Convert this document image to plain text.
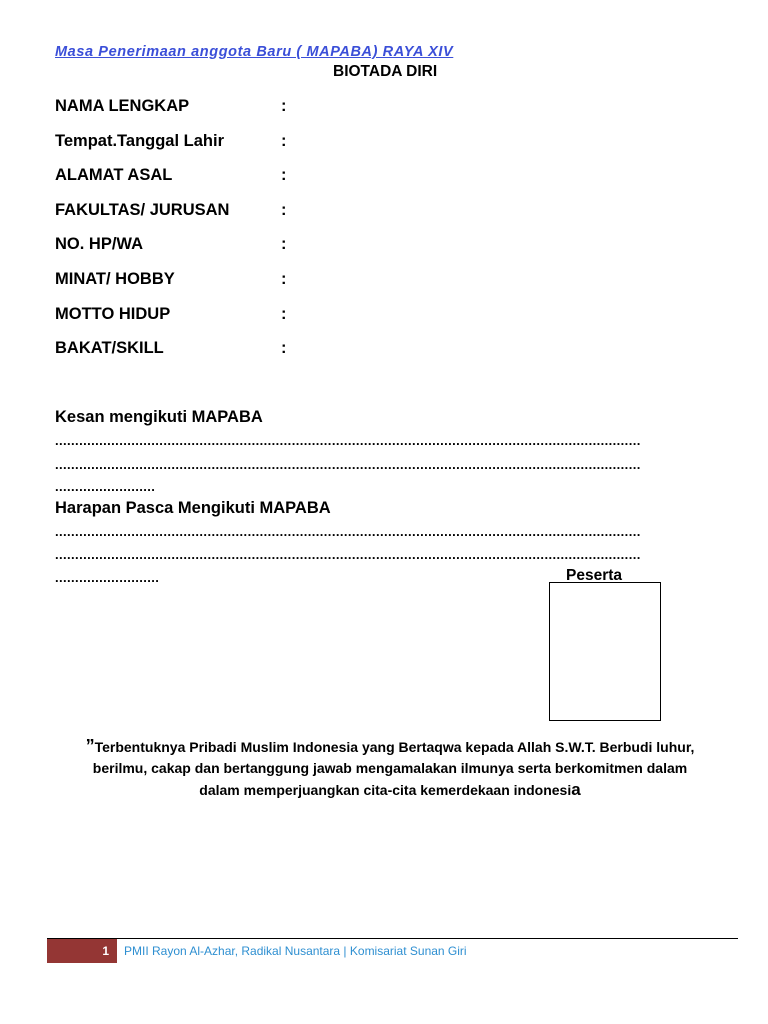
Masa Penerimaan anggota Baru ( MAPABA) RAYA XIV
BIOTADA DIRI
NAMA LENGKAP	:
Tempat.Tanggal Lahir	:
ALAMAT ASAL	:
FAKULTAS/ JURUSAN	:
NO. HP/WA	:
MINAT/ HOBBY	:
MOTTO HIDUP	:
BAKAT/SKILL	:
Kesan mengikuti MAPABA
..................................................................................................................................................
..................................................................................................................................................
.........................
Harapan Pasca Mengikuti MAPABA
..................................................................................................................................................
..................................................................................................................................................
..........................	Peserta
”Terbentuknya Pribadi Muslim Indonesia yang Bertaqwa kepada Allah S.W.T. Berbudi luhur,
berilmu, cakap dan bertanggung jawab mengamalakan ilmunya serta berkomitmen dalam
dalam memperjuangkan cita-cita kemerdekaan indonesia
1	PMII Rayon Al-Azhar, Radikal Nusantara | Komisariat Sunan Giri
